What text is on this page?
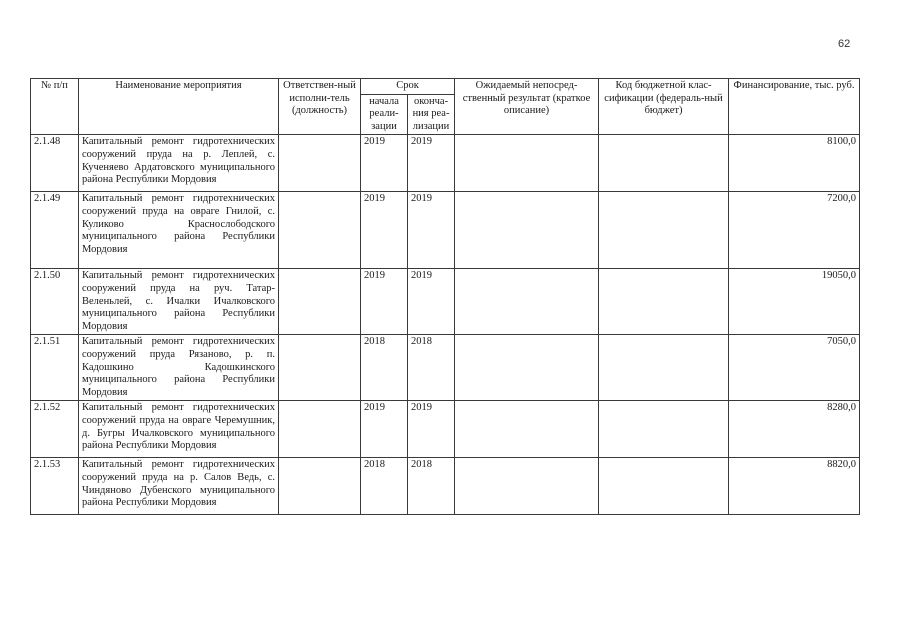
62
№ п/п	Наименование мероприятия	Ответствен-ный исполни-тель (должность)	Срок		Ожидаемый непосред-ственный результат (краткое описание)	Код бюджетной клас-сификации (федераль-ный бюджет)	Финансирование, тыс. руб.
			начала реали-зации	оконча-ния реа-лизации			
2.1.48	Капитальный ремонт гидротехнических сооружений пруда на р. Леплей, с. Кученяево Ардатовского муниципального района Республики Мордовия		2019	2019			8100,0
2.1.49	Капитальный ремонт гидротехнических сооружений пруда на овраге Гнилой, с. Куликово Краснослободского муниципального района Республики Мордовия		2019	2019			7200,0
2.1.50	Капитальный ремонт гидротехнических сооружений пруда на руч. Татар-Веленьлей, с. Ичалки Ичалковского муниципального района Республики Мордовия		2019	2019			19050,0
2.1.51	Капитальный ремонт гидротехнических сооружений пруда Рязаново, р. п. Кадошкино Кадошкинского муниципального района Республики Мордовия		2018	2018			7050,0
2.1.52	Капитальный ремонт гидротехнических сооружений пруда на овраге Черемушник, д. Бугры Ичалковского муниципального района Республики Мордовия		2019	2019			8280,0
2.1.53	Капитальный ремонт гидротехнических сооружений пруда на р. Салов Ведь, с. Чиндяново Дубенского муниципального района Республики Мордовия		2018	2018			8820,0
